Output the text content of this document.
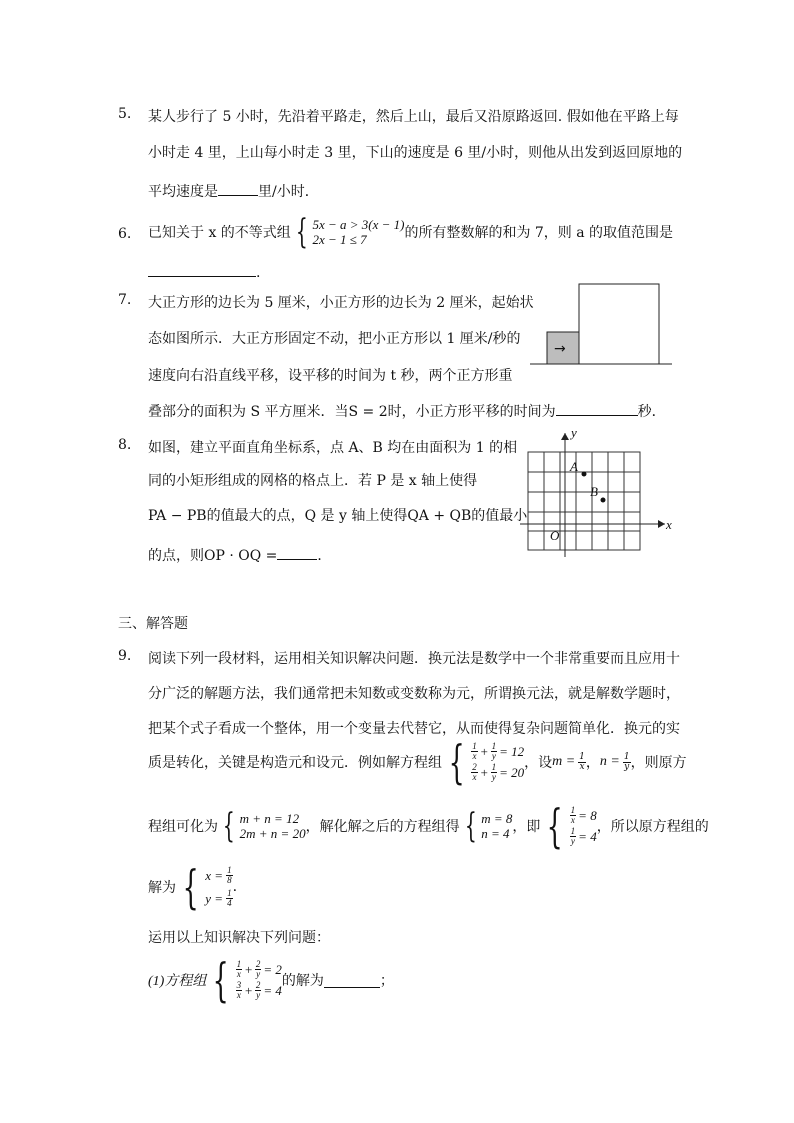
5. 某人步行了 5 小时，先沿着平路走，然后上山，最后又沿原路返回. 假如他在平路上每
小时走 4 里，上山每小时走 3 里，下山的速度是 6 里/小时，则他从出发到返回原地的
平均速度是	里/小时．
6. 已知关于 x 的不等式组 { 5x − a > 3(x − 1)
2x − 1 ≤ 7	的所有整数解的和为 7，则 a 的取值范围是
.
7. 大正方形的边长为 5 厘米，小正方形的边长为 2 厘米，起始状
态如图所示．大正方形固定不动，把小正方形以 1 厘米/秒的
速度向右沿直线平移，设平移的时间为 t 秒，两个正方形重
叠部分的面积为 S 平方厘米．当S = 2时，小正方形平移的时间为	秒．
→
8. 如图，建立平面直角坐标系，点 A、B 均在由面积为 1 的相
同的小矩形组成的网格的格点上．若 P 是 x 轴上使得
PA − PB的值最大的点，Q 是 y 轴上使得QA + QB的值最小
的点，则OP · OQ =	．
A
B
O
x
y
三、解答题
9. 阅读下列一段材料，运用相关知识解决问题．换元法是数学中一个非常重要而且应用十
分广泛的解题方法，我们通常把未知数或变数称为元，所谓换元法，就是解数学题时，
把某个式子看成一个整体，用一个变量去代替它，从而使得复杂问题简单化．换元的实
质是转化，关键是构造元和设元．例如解方程组 { $\frac{1}{x} + \frac{1}{y} = 12$
$\frac{2}{x} + \frac{1}{y} = 20$
，设 $m = \frac{1}{x}$ ， $n = \frac{1}{y}$ ，则原方
程组可化为 { m + n = 12
2m + n = 20 ，解化解之后的方程组得 { m = 8
n = 4 ，即 { $\frac{1}{x} = 8$
$\frac{1}{y} = 4$
，所以原方程组的
解为 { $x = \frac{1}{8}$
$y = \frac{1}{4}$
.
运用以上知识解决下列问题：
(1)方程组 { $\frac{1}{x} + \frac{2}{y} = 2$
$\frac{3}{x} + \frac{2}{y} = 4$
的解为	；
